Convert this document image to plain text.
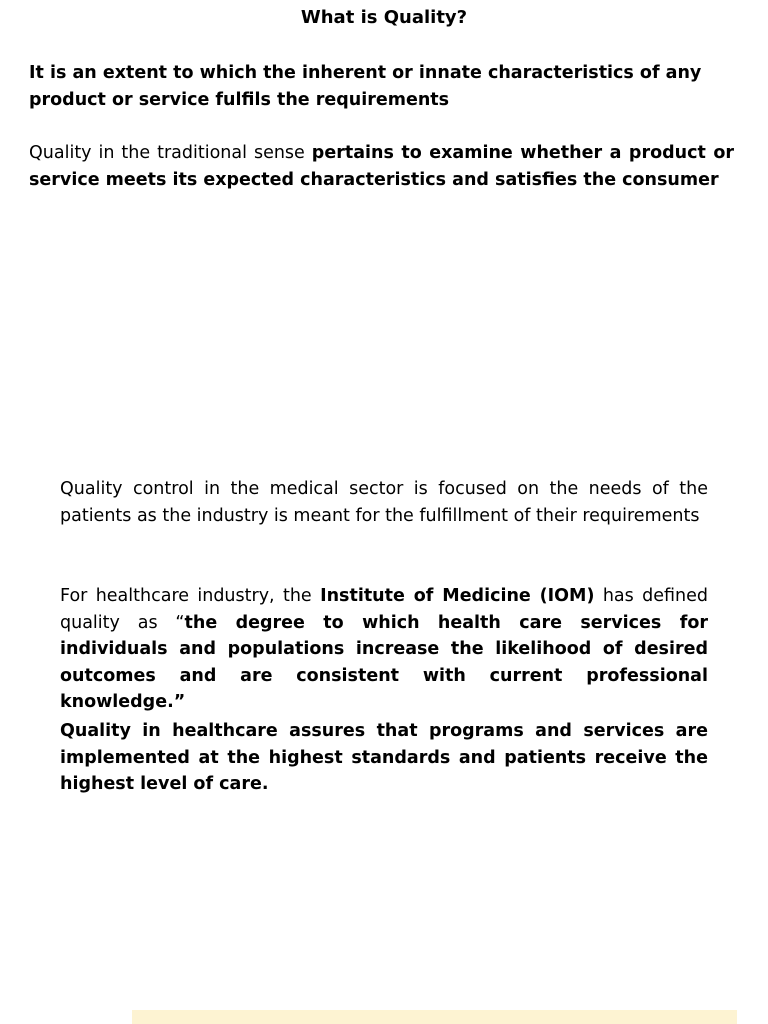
What is Quality?

It is an extent to which the inherent or innate characteristics of any product or service fulfils the requirements

Quality in the traditional sense pertains to examine whether a product or service meets its expected characteristics and satisfies the consumer

Quality control in the medical sector is focused on the needs of the patients as the industry is meant for the fulfillment of their requirements

For healthcare industry, the Institute of Medicine (IOM) has defined quality as “the degree to which health care services for individuals and populations increase the likelihood of desired outcomes and are consistent with current professional knowledge.”

Quality in healthcare assures that programs and services are implemented at the highest standards and patients receive the highest level of care.
